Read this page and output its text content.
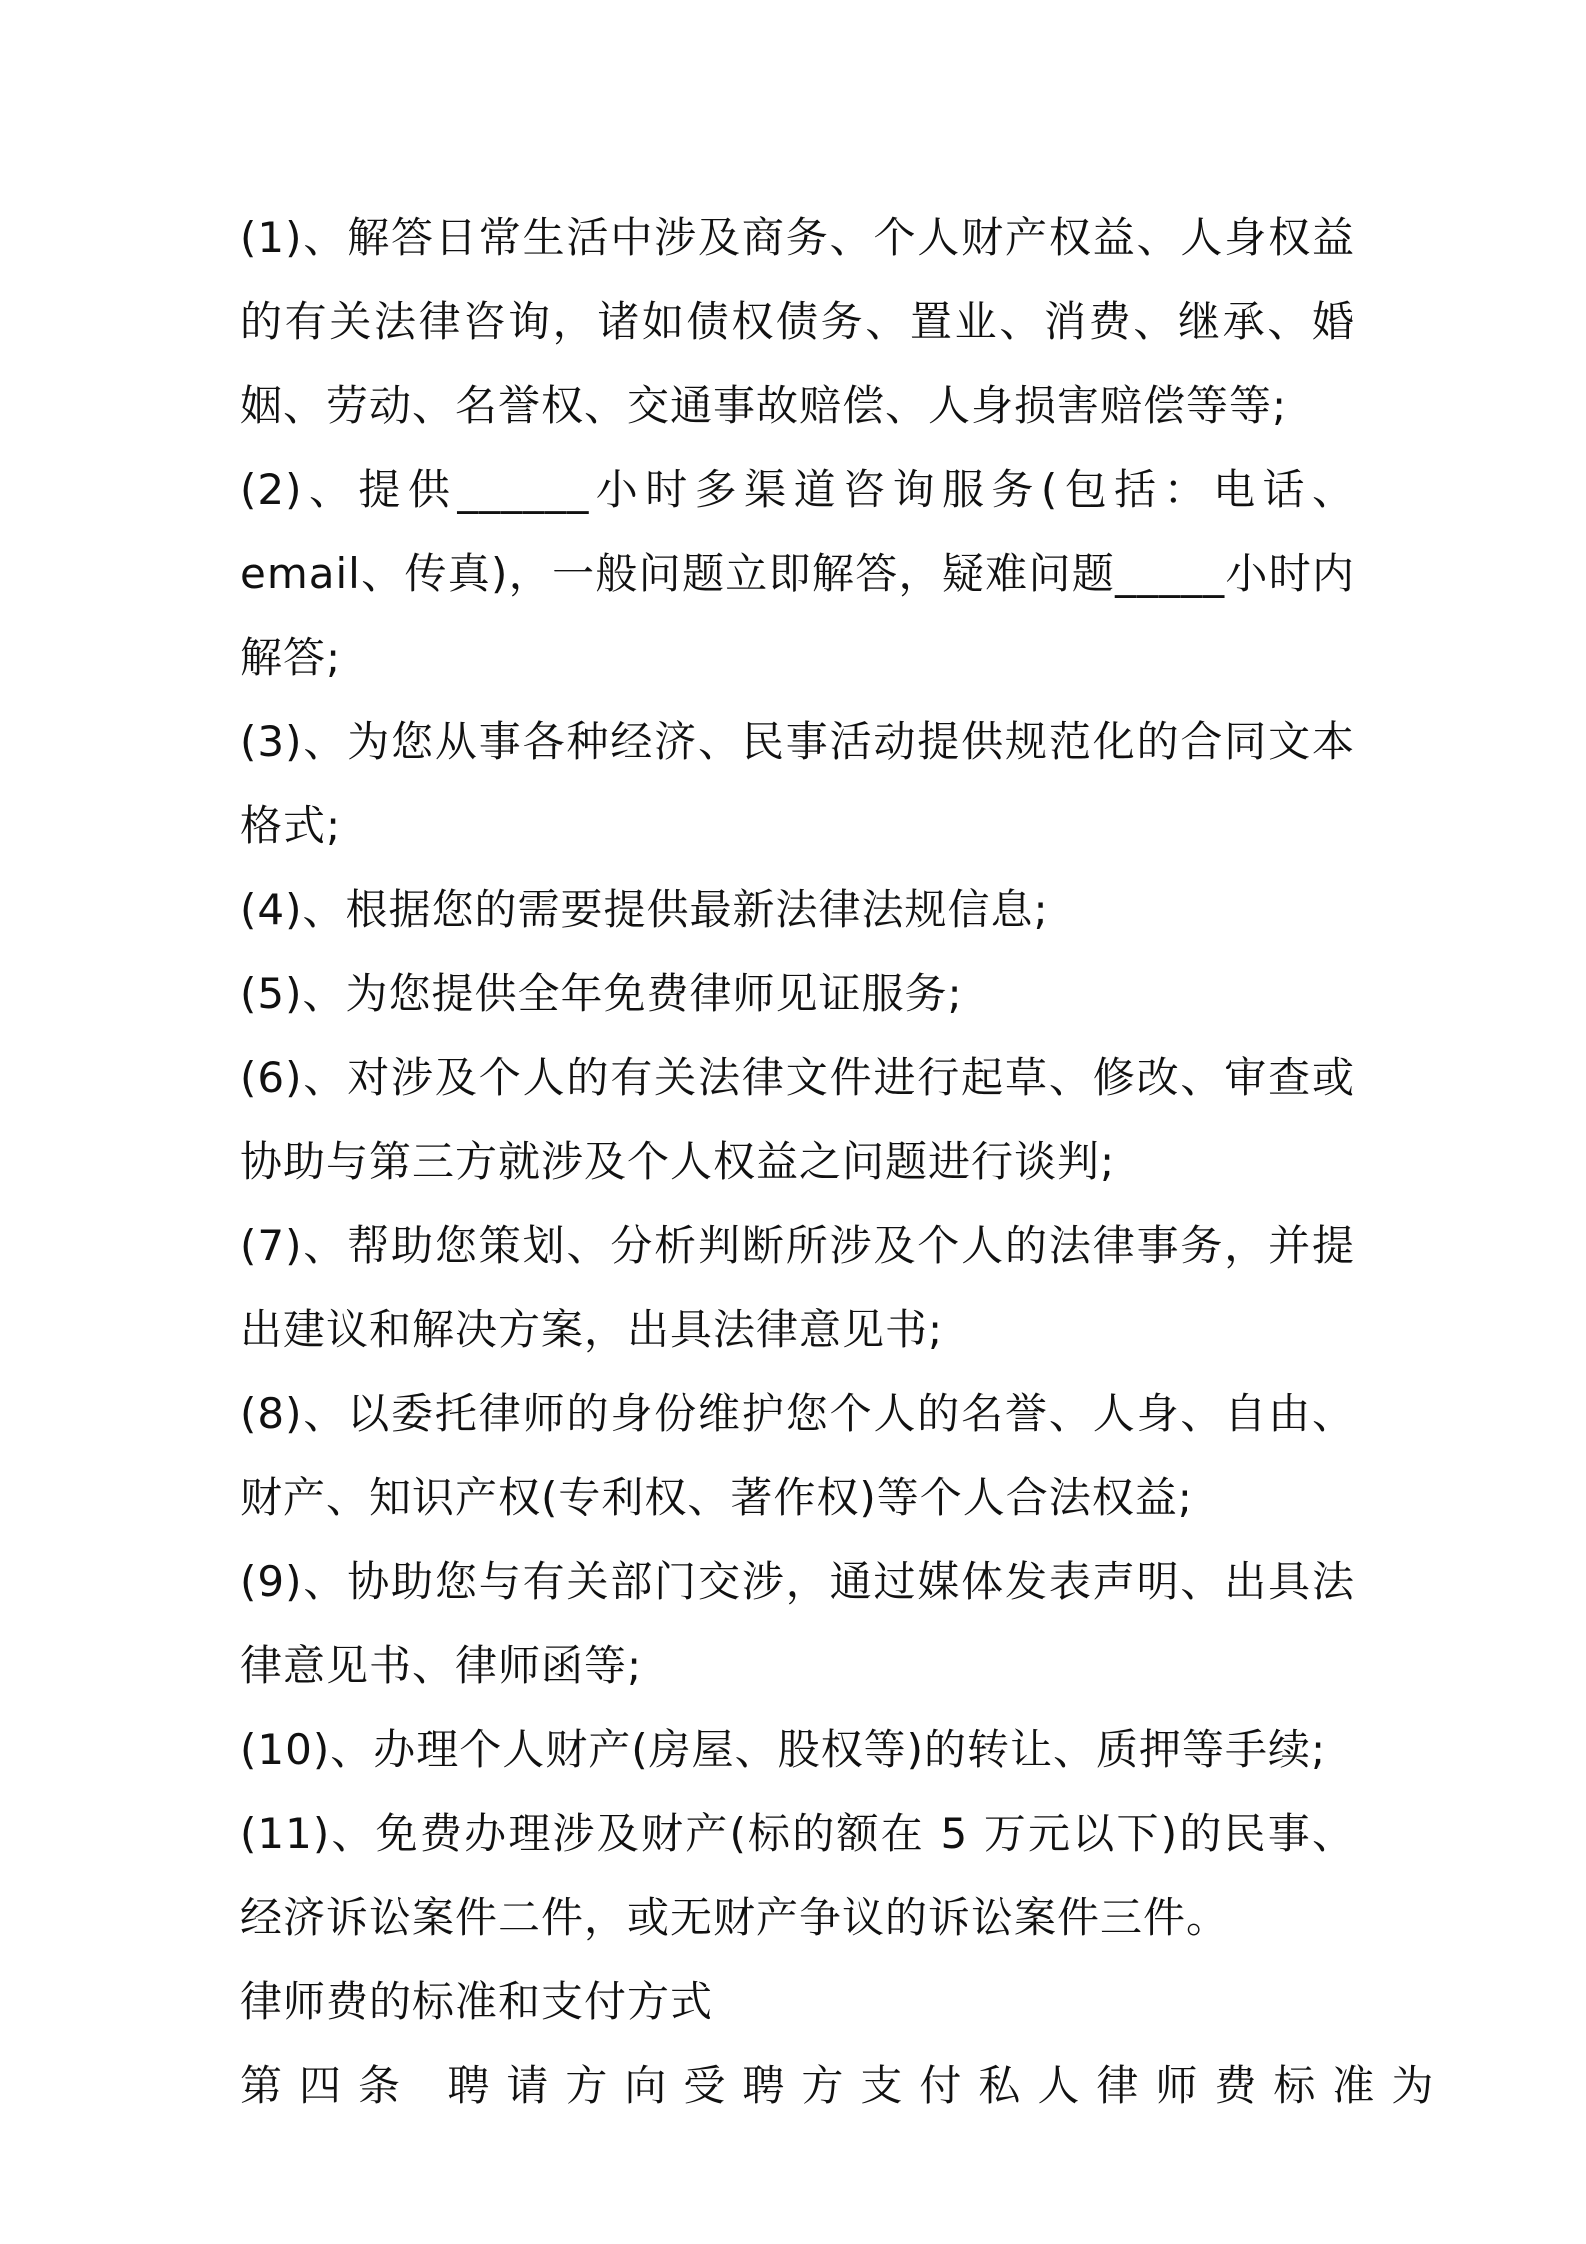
(1)、解答日常生活中涉及商务、个人财产权益、人身权益的有关法律咨询，诸如债权债务、置业、消费、继承、婚姻、劳动、名誉权、交通事故赔偿、人身损害赔偿等等;

(2)、提供______小时多渠道咨询服务(包括：电话、email、传真)，一般问题立即解答，疑难问题_____小时内解答;

(3)、为您从事各种经济、民事活动提供规范化的合同文本格式;

(4)、根据您的需要提供最新法律法规信息;

(5)、为您提供全年免费律师见证服务;

(6)、对涉及个人的有关法律文件进行起草、修改、审查或协助与第三方就涉及个人权益之问题进行谈判;

(7)、帮助您策划、分析判断所涉及个人的法律事务，并提出建议和解决方案，出具法律意见书;

(8)、以委托律师的身份维护您个人的名誉、人身、自由、财产、知识产权(专利权、著作权)等个人合法权益;

(9)、协助您与有关部门交涉，通过媒体发表声明、出具法律意见书、律师函等;

(10)、办理个人财产(房屋、股权等)的转让、质押等手续;

(11)、免费办理涉及财产(标的额在 5 万元以下)的民事、经济诉讼案件二件，或无财产争议的诉讼案件三件。

律师费的标准和支付方式

第四条 聘请方向受聘方支付私人律师费标准为
